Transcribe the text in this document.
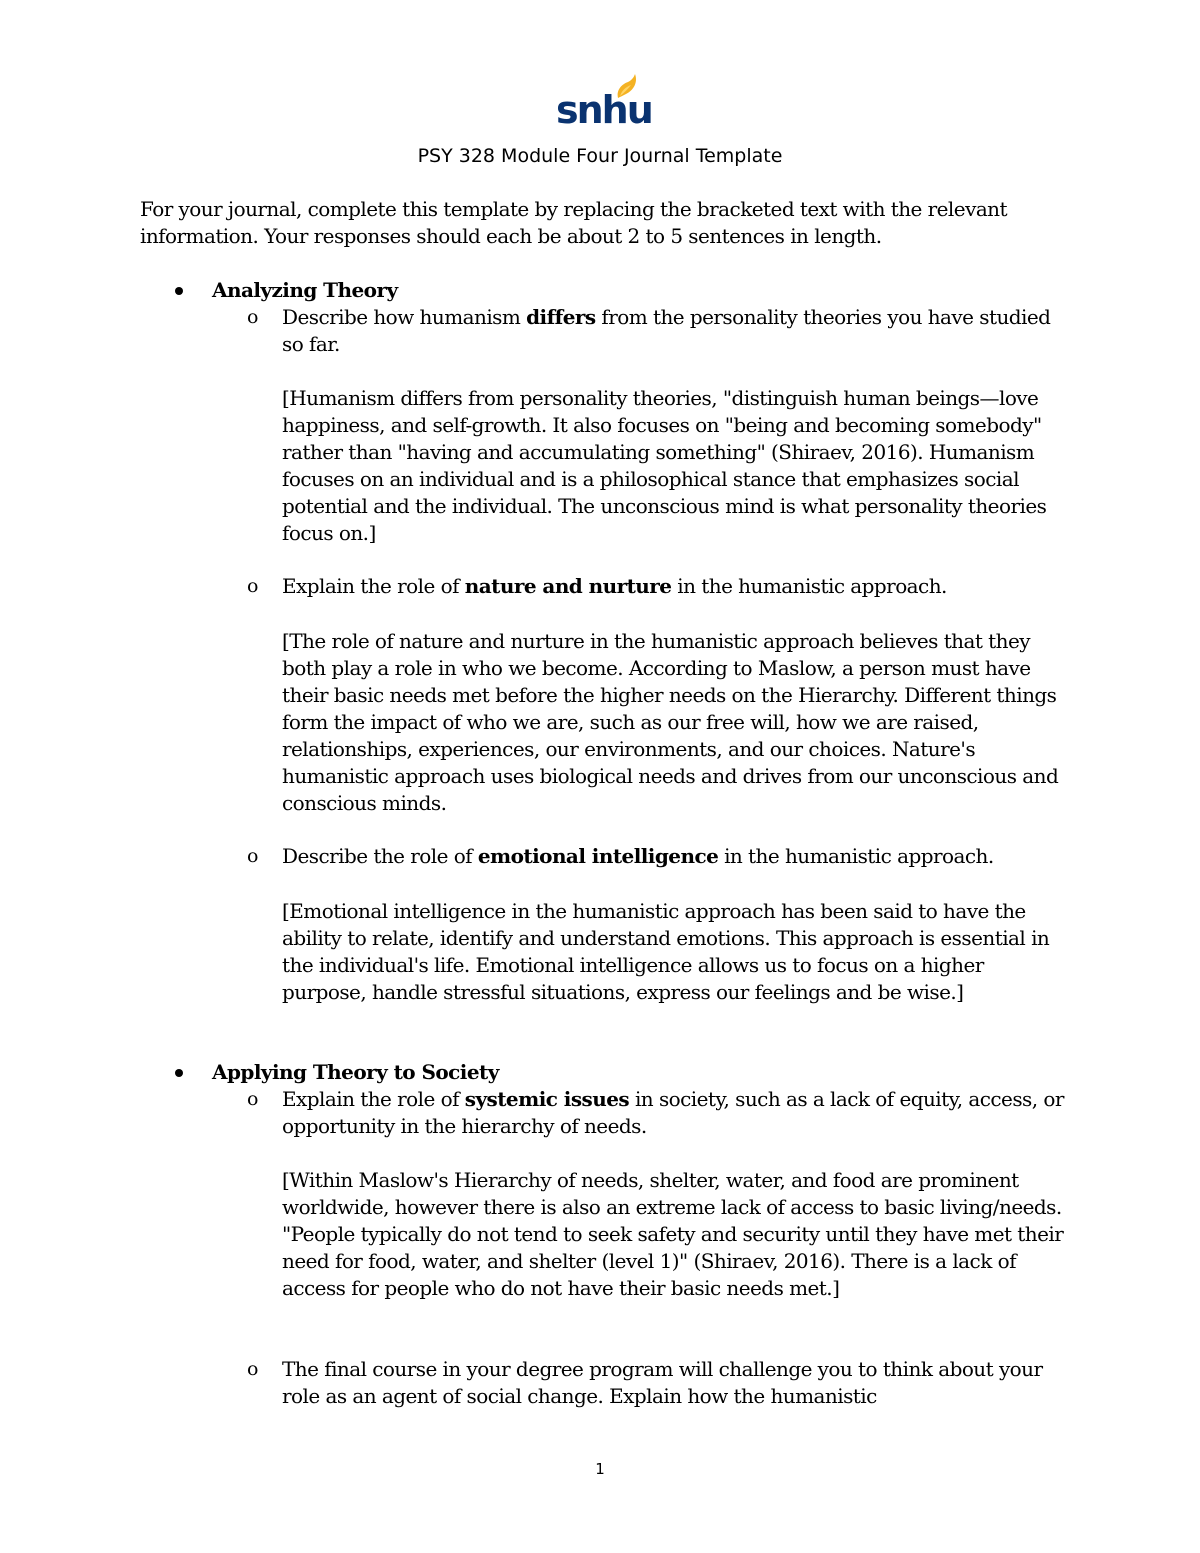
snhu
PSY 328 Module Four Journal Template
For your journal, complete this template by replacing the bracketed text with the relevant information. Your responses should each be about 2 to 5 sentences in length.
Analyzing Theory
o Describe how humanism differs from the personality theories you have studied so far.
[Humanism differs from personality theories, "distinguish human beings—love happiness, and self-growth. It also focuses on "being and becoming somebody" rather than "having and accumulating something" (Shiraev, 2016). Humanism focuses on an individual and is a philosophical stance that emphasizes social potential and the individual. The unconscious mind is what personality theories focus on.]
o Explain the role of nature and nurture in the humanistic approach.
[The role of nature and nurture in the humanistic approach believes that they both play a role in who we become. According to Maslow, a person must have their basic needs met before the higher needs on the Hierarchy. Different things form the impact of who we are, such as our free will, how we are raised, relationships, experiences, our environments, and our choices. Nature's humanistic approach uses biological needs and drives from our unconscious and conscious minds.
o Describe the role of emotional intelligence in the humanistic approach.
[Emotional intelligence in the humanistic approach has been said to have the ability to relate, identify and understand emotions. This approach is essential in the individual's life. Emotional intelligence allows us to focus on a higher purpose, handle stressful situations, express our feelings and be wise.]
Applying Theory to Society
o Explain the role of systemic issues in society, such as a lack of equity, access, or opportunity in the hierarchy of needs.
[Within Maslow's Hierarchy of needs, shelter, water, and food are prominent worldwide, however there is also an extreme lack of access to basic living/needs. "People typically do not tend to seek safety and security until they have met their need for food, water, and shelter (level 1)" (Shiraev, 2016). There is a lack of access for people who do not have their basic needs met.]
o The final course in your degree program will challenge you to think about your role as an agent of social change. Explain how the humanistic
1
